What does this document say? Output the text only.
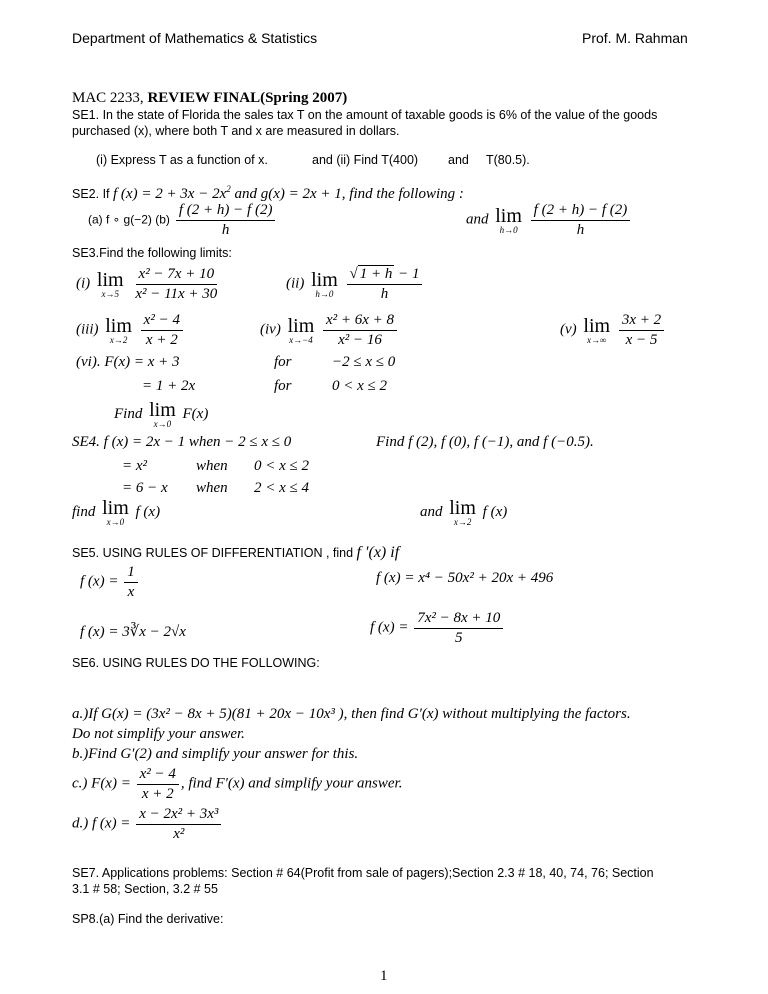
Department of Mathematics & Statistics	Prof. M. Rahman
MAC 2233, REVIEW FINAL(Spring 2007)
SE1. In the state of Florida the sales tax T on the amount of taxable goods is 6% of the value of the goods
purchased (x), where both T and x are measured in dollars.
(i) Express T as a function of x.	and (ii) Find T(400) and T(80.5).
SE2. If f $(x) = 2 + 3x - 2x^2$ and g(x) = 2x + 1, find the following :
(a) f ∘ g(−2) $(b) \frac{f (2 + h) - f (2)}{h}$	and lim
h→0
$\frac{f (2 + h) - f (2)}{h}$
SE3.Find the following limits:
(i) lim
x→5
$\frac{\text{x² − 7x + 10}}{\text{x² − 11x + 30}}$	(ii) lim
h→0
$\frac{√ 1 + h - 1}{h}$
(iii) lim
x→2
$\frac{\text{x² − 4}}{x + 2}$	(iv) lim
x→−4
$\frac{\text{x² + 6x + 8}}{\text{x² − 16}}$	(v) lim
x→∞
$\frac{3x + 2}{x - 5}$
(vi). F(x) = x + 3	for	−2 ≤ x ≤ 0
= 1 + 2x	for	0 < x ≤ 2
Find lim
x→0
F(x)
SE4. f (x) = 2x − 1 when − 2 ≤ x ≤ 0	Find f (2), f (0), f (−1), and f (−0.5).
= x²	when 0 < x ≤ 2
= 6 − x when 2 < x ≤ 4
find lim
x→0
f (x)	and lim
x→2
f (x)
SE5. USING RULES OF DIFFERENTIATION , find f ′(x) if
f $(x) = \frac{1}{x}$	f (x) = x⁴ − 50x² + 20x + 496
f (x) = 3∛x − 2√x	f $(x) = \frac{\text{7x² − 8x + 10}}{5}$
SE6. USING RULES DO THE FOLLOWING:
a.)If G(x) = (3x² − 8x + 5)(81 + 20x − 10x³ ), then find G′(x) without multiplying the factors.
Do not simplify your answer.
b.)Find G′(2) and simplify your answer for this.
c.) $F(x) = \frac{\text{x² − 4}}{x + 2}$ , find F′(x) and simplify your answer.
d.) f $(x) = \frac{\text{x − 2x² + 3x³}}{\text{x²}}$
SE7. Applications problems: Section # 64(Profit from sale of pagers);Section 2.3 # 18, 40, 74, 76; Section
3.1 # 58; Section, 3.2 # 55
SP8.(a) Find the derivative:
1
